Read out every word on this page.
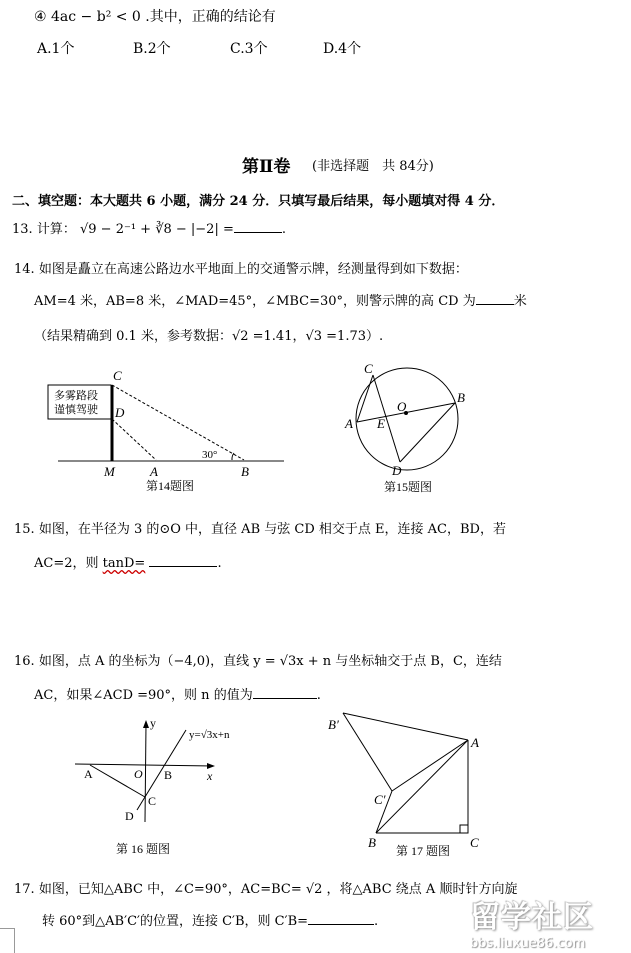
④ 4ac − b² < 0 .其中，正确的结论有
A.1个	B.2个	C.3个	D.4个
第Ⅱ卷 (非选择题　共 84分)
二、填空题：本大题共 6 小题，满分 24 分．只填写最后结果，每小题填对得 4 分．
13. 计算： √9 − 2⁻¹ + ∛8 − |−2| =	.
14. 如图是矗立在高速公路边水平地面上的交通警示牌，经测量得到如下数据：
AM=4 米，AB=8 米，∠MAD=45°，∠MBC=30°，则警示牌的高 CD 为	米
（结果精确到 0.1 米，参考数据：√2 =1.41，√3 =1.73）.
多雾路段
谨慎驾驶
C
D
M	A	B
30°
第14题图
C
A E
O
B
D
第15题图
15. 如图，在半径为 3 的⊙O 中，直径 AB 与弦 CD 相交于点 E，连接 AC，BD，若
AC=2，则 tanD=	.
16. 如图，点 A 的坐标为（−4,0)，直线 y = √3x + n 与坐标轴交于点 B，C，连结
AC，如果∠ACD =90°，则 n 的值为	.
y
x
A	O B
C
D
y=√3x+n
第 16 题图
B′
A
C′
B	C
第 17 题图
17. 如图，已知△ABC 中，∠C=90°，AC=BC= √2 ，将△ABC 绕点 A 顺时针方向旋
转 60°到△AB′C′的位置，连接 C′B，则 C′B=	.	留学社区
bbs.liuxue86.com
